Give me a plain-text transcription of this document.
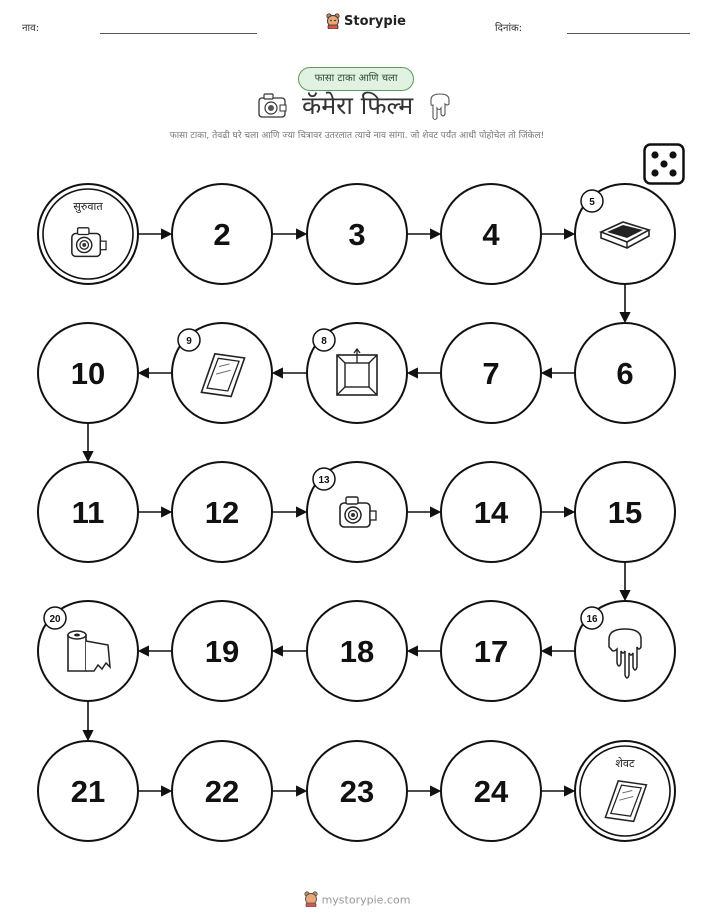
नाव:	Storypie	दिनांक:
फासा टाका आणि चला
कॅमेरा फिल्म
फासा टाका, तेवढी घरे चला आणि ज्या चित्रावर उतरलात त्याचे नाव सांगा. जो शेवट पर्यंत आधी पोहोचेल तो जिंकेल!
सुरुवात
2	3	4
5
6
7
8
9
10
11	12
13
14	15
16
17
18
19
20
21	22	23	24
शेवट
mystorypie.com
